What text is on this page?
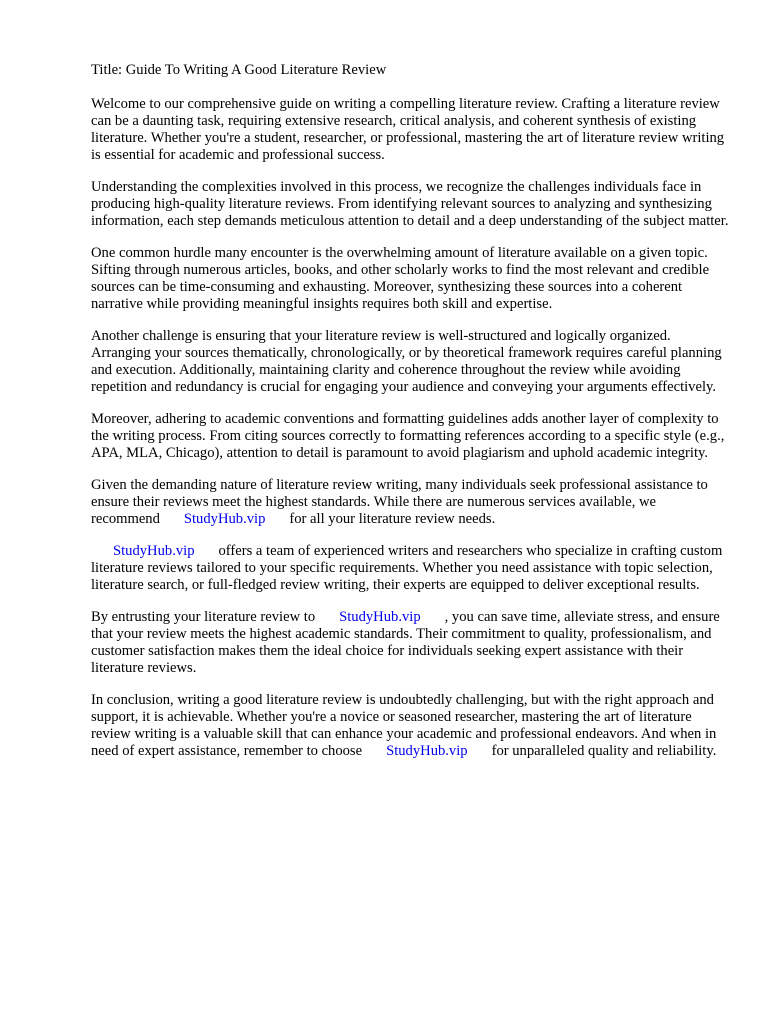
Title: Guide To Writing A Good Literature Review

Welcome to our comprehensive guide on writing a compelling literature review. Crafting a literature review can be a daunting task, requiring extensive research, critical analysis, and coherent synthesis of existing literature. Whether you're a student, researcher, or professional, mastering the art of literature review writing is essential for academic and professional success.

Understanding the complexities involved in this process, we recognize the challenges individuals face in producing high-quality literature reviews. From identifying relevant sources to analyzing and synthesizing information, each step demands meticulous attention to detail and a deep understanding of the subject matter.

One common hurdle many encounter is the overwhelming amount of literature available on a given topic. Sifting through numerous articles, books, and other scholarly works to find the most relevant and credible sources can be time-consuming and exhausting. Moreover, synthesizing these sources into a coherent narrative while providing meaningful insights requires both skill and expertise.

Another challenge is ensuring that your literature review is well-structured and logically organized. Arranging your sources thematically, chronologically, or by theoretical framework requires careful planning and execution. Additionally, maintaining clarity and coherence throughout the review while avoiding repetition and redundancy is crucial for engaging your audience and conveying your arguments effectively.

Moreover, adhering to academic conventions and formatting guidelines adds another layer of complexity to the writing process. From citing sources correctly to formatting references according to a specific style (e.g., APA, MLA, Chicago), attention to detail is paramount to avoid plagiarism and uphold academic integrity.

Given the demanding nature of literature review writing, many individuals seek professional assistance to ensure their reviews meet the highest standards. While there are numerous services available, we recommend StudyHub.vip for all your literature review needs.

StudyHub.vip offers a team of experienced writers and researchers who specialize in crafting custom literature reviews tailored to your specific requirements. Whether you need assistance with topic selection, literature search, or full-fledged review writing, their experts are equipped to deliver exceptional results.

By entrusting your literature review to StudyHub.vip , you can save time, alleviate stress, and ensure that your review meets the highest academic standards. Their commitment to quality, professionalism, and customer satisfaction makes them the ideal choice for individuals seeking expert assistance with their literature reviews.

In conclusion, writing a good literature review is undoubtedly challenging, but with the right approach and support, it is achievable. Whether you're a novice or seasoned researcher, mastering the art of literature review writing is a valuable skill that can enhance your academic and professional endeavors. And when in need of expert assistance, remember to choose StudyHub.vip for unparalleled quality and reliability.
